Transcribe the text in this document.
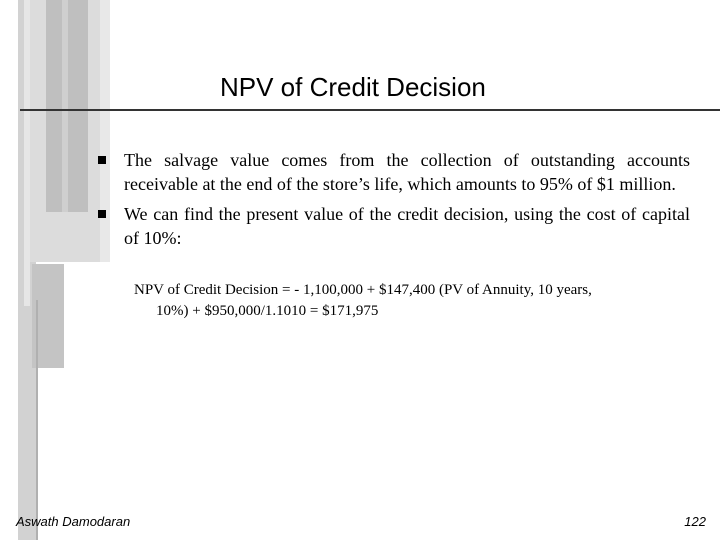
NPV of Credit Decision
The salvage value comes from the collection of outstanding accounts receivable at the end of the store’s life, which amounts to 95% of $1 million.
We can find the present value of the credit decision, using the cost of capital of 10%:
NPV of Credit Decision = - 1,100,000 + $147,400 (PV of Annuity, 10 years,
10%) + $950,000/1.1010 = $171,975
Aswath Damodaran	122
